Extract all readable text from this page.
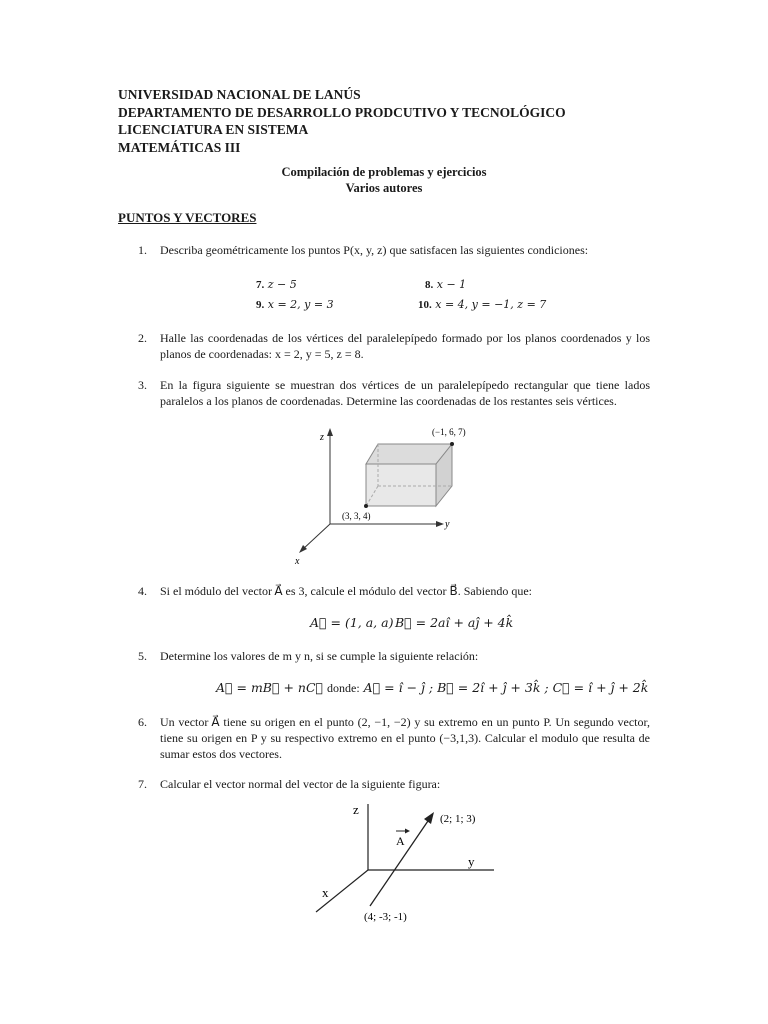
UNIVERSIDAD NACIONAL DE LANÚS
DEPARTAMENTO DE DESARROLLO PRODCUTIVO Y TECNOLÓGICO
LICENCIATURA EN SISTEMA
MATEMÁTICAS III
Compilación de problemas y ejercicios
Varios autores
PUNTOS Y VECTORES
1.	Describa geométricamente los puntos P(x, y, z) que satisfacen las siguientes condiciones:
7. z − 5	8. x − 1
9. x = 2, y = 3	10. x = 4, y = −1, z = 7
2.	Halle las coordenadas de los vértices del paralelepípedo formado por los planos coordenados y los planos de coordenadas: x = 2, y = 5, z = 8.
3.	En la figura siguiente se muestran dos vértices de un paralelepípedo rectangular que tiene lados paralelos a los planos de coordenadas. Determine las coordenadas de los restantes seis vértices.
z
y
x
(3, 3, 4)
(−1, 6, 7)
4.	Si el módulo del vector A⃗ es 3, calcule el módulo del vector B⃗. Sabiendo que:
A⃗ = (1, a, a) B⃗ = 2aî + aĵ + 4k̂
5.	Determine los valores de m y n, si se cumple la siguiente relación:
A⃗ = mB⃗ + nC⃗ donde: A⃗ = î − ĵ ; B⃗ = 2î + ĵ + 3k̂ ; C⃗ = î + ĵ + 2k̂
6.	Un vector A⃗ tiene su origen en el punto (2, −1, −2) y su extremo en un punto P. Un segundo vector, tiene su origen en P y su respectivo extremo en el punto (−3,1,3). Calcular el modulo que resulta de sumar estos dos vectores.
7.	Calcular el vector normal del vector de la siguiente figura:
z
y
x
A
(2; 1; 3)
(4; -3; -1)
